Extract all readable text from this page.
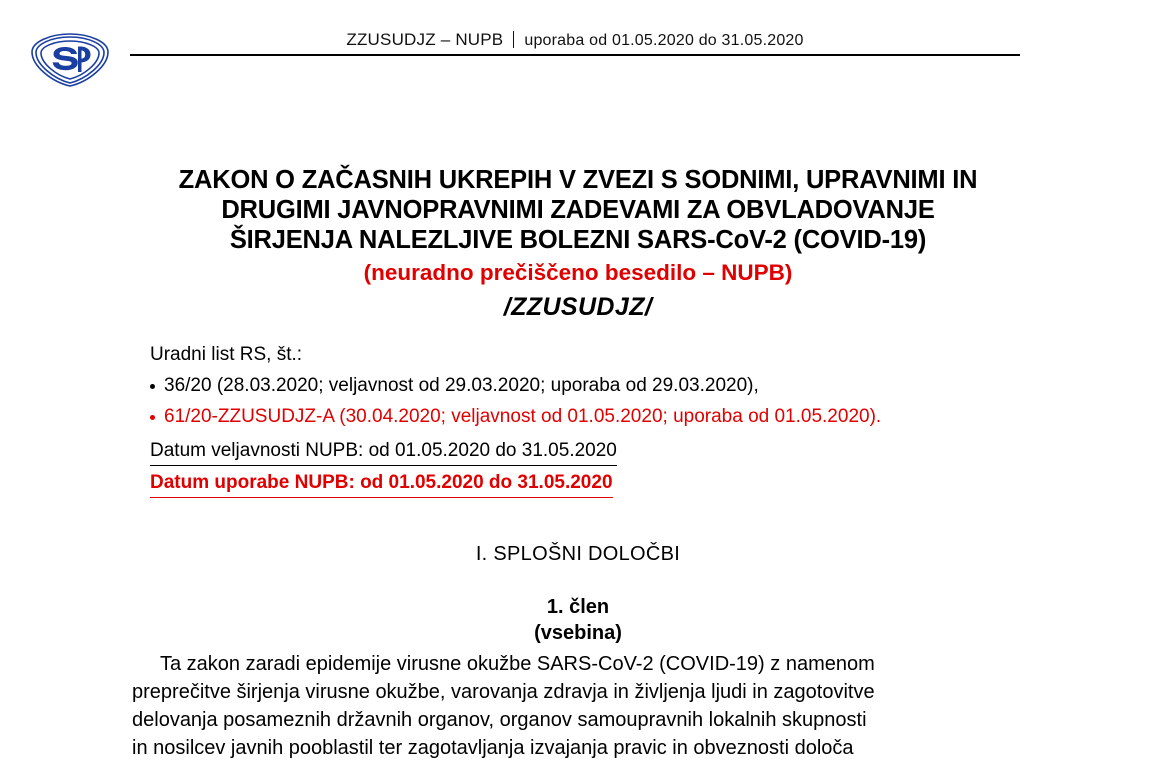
ZZUSUDJZ – NUPB uporaba od 01.05.2020 do 31.05.2020
ZAKON O ZAČASNIH UKREPIH V ZVEZI S SODNIMI, UPRAVNIMI IN
DRUGIMI JAVNOPRAVNIMI ZADEVAMI ZA OBVLADOVANJE
ŠIRJENJA NALEZLJIVE BOLEZNI SARS-CoV-2 (COVID-19)
(neuradno prečiščeno besedilo – NUPB)
/ZZUSUDJZ/
Uradni list RS, št.:
36/20 (28.03.2020; veljavnost od 29.03.2020; uporaba od 29.03.2020),
61/20-ZZUSUDJZ-A (30.04.2020; veljavnost od 01.05.2020; uporaba od 01.05.2020).
Datum veljavnosti NUPB: od 01.05.2020 do 31.05.2020
Datum uporabe NUPB: od 01.05.2020 do 31.05.2020
I. SPLOŠNI DOLOČBI
1. člen
(vsebina)
Ta zakon zaradi epidemije virusne okužbe SARS-CoV-2 (COVID-19) z namenom
preprečitve širjenja virusne okužbe, varovanja zdravja in življenja ljudi in zagotovitve
delovanja posameznih državnih organov, organov samoupravnih lokalnih skupnosti
in nosilcev javnih pooblastil ter zagotavljanja izvajanja pravic in obveznosti določa
